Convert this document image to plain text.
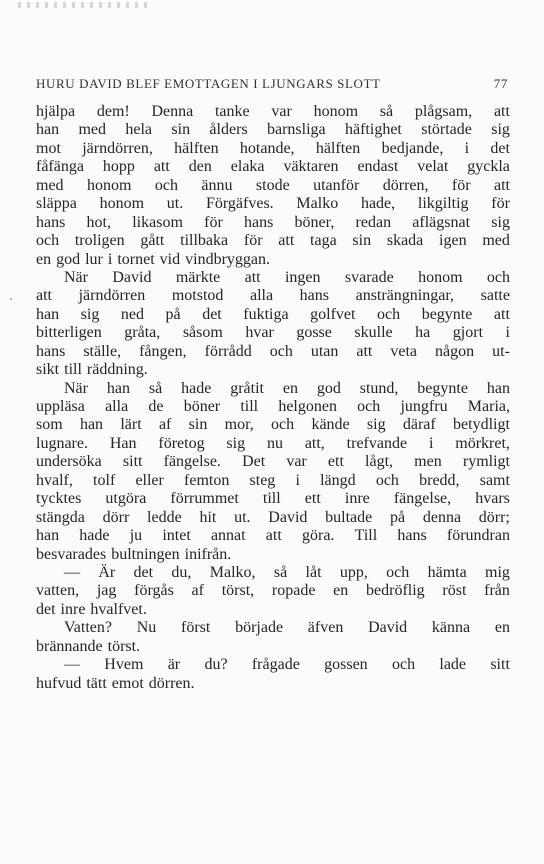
HURU DAVID BLEF EMOTTAGEN I LJUNGARS SLOTT	77
hjälpa dem! Denna tanke var honom så plågsam, att
han med hela sin ålders barnsliga häftighet störtade sig
mot järndörren, hälften hotande, hälften bedjande, i det
fåfänga hopp att den elaka väktaren endast velat gyckla
med honom och ännu stode utanför dörren, för att
släppa honom ut. Förgäfves. Malko hade, likgiltig för
hans hot, likasom för hans böner, redan aflägsnat sig
och troligen gått tillbaka för att taga sin skada igen med
en god lur i tornet vid vindbryggan.
När David märkte att ingen svarade honom och
att järndörren motstod alla hans ansträngningar, satte
han sig ned på det fuktiga golfvet och begynte att
bitterligen gråta, såsom hvar gosse skulle ha gjort i
hans ställe, fången, förrådd och utan att veta någon ut-
sikt till räddning.
När han så hade gråtit en god stund, begynte han
uppläsa alla de böner till helgonen och jungfru Maria,
som han lärt af sin mor, och kände sig däraf betydligt
lugnare. Han företog sig nu att, trefvande i mörkret,
undersöka sitt fängelse. Det var ett lågt, men rymligt
hvalf, tolf eller femton steg i längd och bredd, samt
tycktes utgöra förrummet till ett inre fängelse, hvars
stängda dörr ledde hit ut. David bultade på denna dörr;
han hade ju intet annat att göra. Till hans förundran
besvarades bultningen inifrån.
— Är det du, Malko, så låt upp, och hämta mig
vatten, jag förgås af törst, ropade en bedröflig röst från
det inre hvalfvet.
Vatten? Nu först började äfven David känna en
brännande törst.
— Hvem är du? frågade gossen och lade sitt
hufvud tätt emot dörren.
